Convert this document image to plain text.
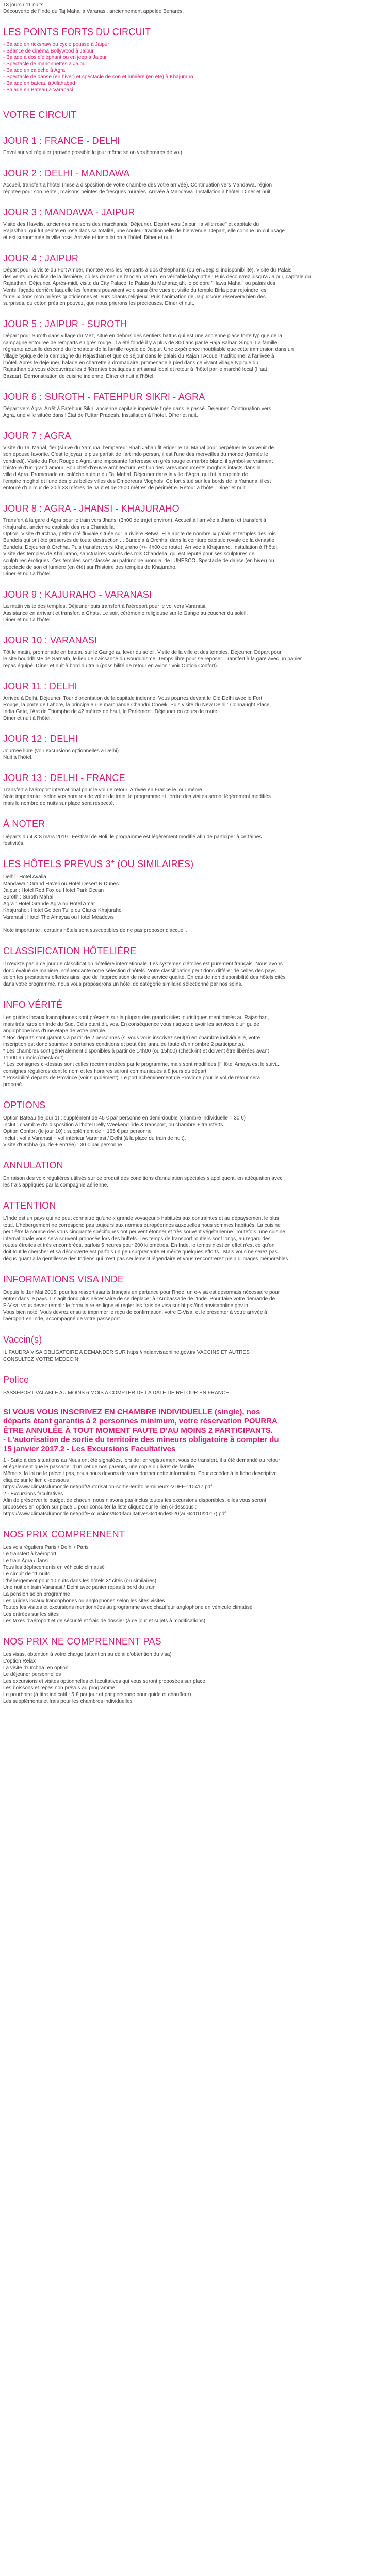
13 jours / 11 nuits.

Découverte de l'Inde du Taj Mahal à Varanasi, anciennement appelée Benarès.

LES POINTS FORTS DU CIRCUIT
- Balade en rickshaw ou cyclo pousse à Jaipur
- Séance de cinéma Bollywood à Jaipur
- Balade à dos d'éléphant ou en jeep à Jaipur
- Spectacle de marionnettes à Jaipur
- Balade en calèche à Agra
- Spectacle de danse (en hiver) et spectacle de son et lumière (en été) à Khajuraho
- Balade en bateau à Allahabad
- Balade en Bateau à Varanasi
VOTRE CIRCUIT
JOUR 1 : FRANCE - DELHI

Envol sur vol régulier (arrivée possible le jour même selon vos horaires de vol).

JOUR 2 : DELHI - MANDAWA

Accueil, transfert à l'hôtel (mise à disposition de votre chambre dès votre arrivée). Continuation vers Mandawa, région

réputée pour son héritel, maisons peintes de fresques murales. Arrivée à Mandawa. Installation à l'hôtel. Dîner et nuit.

JOUR 3 : MANDAWA - JAIPUR

Visite des Havelis, anciennes maisons des marchands. Déjeuner. Départ vers Jaipur "la ville rose" et capitale du

Rajasthan, qui fut peinte en rose dans sa totalité, une couleur traditionnelle de bienvenue. Départ, elle connue un cul usage

et est surnommée la ville rose. Arrivée et installation à l'hôtel. Dîner et nuit.

JOUR 4 : JAIPUR

Départ pour la visite du Fort Amber, montée vers les remparts à dos d'éléphants (ou en Jeep si indisponibilité). Visite du Palais

des vents un édifice de la dernière, où les dames de l'ancien harem, en véritable labyrinthe ! Puis découvrez jusqu'à Jaipur, capitale du

Rajasthan. Déjeuner. Après-midi, visite du City Palace, le Palais du Maharadjah, le célèbre "Hawa Mahal" ou palais des

Vents, façade derrière laquelle les femmes pouvaient voir, sans être vues et visite du temple Birla pour rejoindre les

fameux dons mon prières quotidiennes et leurs chants religieux. Puis l'animation de Jaipur vous réservera bien des

surprises, du coton près en pouvez, que nous prierons les précieuses. Dîner et nuit.

JOUR 5 : JAIPUR - SUROTH

Départ pour Suroth dans village du Mez, situé en dehors des sentiers battus qui est une ancienne place forte typique de la

campagne entourée de remparts en grès rouge. Il a été fondé il y a plus de 800 ans par le Raja Balban Singh. La famille

régnante actuelle descend du fondateur de la famille royale de Jaipur. Une expérience inoubliable que cette immersion dans un

village typique de la campagne du Rajasthan et que ce séjour dans le palais du Rajah ! Accueil traditionnel à l'arrivée à

l'hôtel. Après le déjeuner, balade en charrette à dromadaire, promenade à pied dans ce vivant village typique du

Rajasthan où vous découvrirez les différentes boutiques d'artisanat local et retour à l'hôtel par le marché local (Haat

Bazaar). Démonstration de cuisine indienne. Dîner et nuit à l'hôtel.

JOUR 6 : SUROTH - FATEHPUR SIKRI - AGRA

Départ vers Agra. Arrêt à Fatehpur Sikri, ancienne capitale impériale figée dans le passé. Déjeuner. Continuation vers

Agra, une ville située dans l'État de l'Uttar Pradesh. Installation à l'hôtel. Dîner et nuit.

JOUR 7 : AGRA

Visite du Taj Mahal, fier (si rive du Yamuna, l'empereur Shah Jahan fit ériger le Taj Mahal pour perpétuer le souvenir de

son épouse favorite. C'est le joyau le plus parfait de l'art indo persan, il est l'une des merveilles du monde (fermée le

vendredi). Visite du Fort Rouge d'Agra, une imposante forteresse en grès rouge et marbre blanc, il symbolise vraiment

l'histoire d'un grand amour. Son chef-d'œuvre architectural est l'un des rares monuments moghols intacts dans la

ville d'Agra. Promenade en calèche autour du Taj Mahal. Déjeuner dans la ville d'Agra, qui fut la capitale de

l'empire moghol et l'une des plus belles villes des Empereurs Moghols. Ce fort situé sur les bords de la Yamuna, il est

entouré d'un mur de 20 à 33 mètres de haut et de 2500 mètres de périmètre. Retour à l'hôtel. Dîner et nuit.

JOUR 8 : AGRA - JHANSI - KHAJURAHO

Transfert à la gare d'Agra pour le train vers Jhansi (3h00 de trajet environ). Accueil à l'arrivée à Jhansi et transfert à

Khajuraho, ancienne capitale des rois Chandella.

Option. Visite d'Orchha, petite cité fluviale située sur la rivière Betwa. Elle abrite de nombreux palais et temples des rois

Bundela qui ont été préservés de toute destruction ... Bundela à Orchha, dans la ceinture capitale royale de la dynastie

Bundela. Déjeuner à Orchha. Puis transfert vers Khajuraho (+/- 4h00 de route). Arrivée à Khajuraho. Installation à l'hôtel.

Visite des temples de Khajuraho, sanctuaires sacrés des rois Chandella, qui est réputé pour ses sculptures de

sculptures érotiques. Ces temples sont classés au patrimoine mondial de l'UNESCO. Spectacle de danse (en hiver) ou

spectacle de son et lumière (en été) sur l'histoire des temples de Khajuraho.

Dîner et nuit à l'hôtel.

JOUR 9 : KAJURAHO - VARANASI

La matin visite des temples. Déjeuner puis transfert à l'aéroport pour le vol vers Varanasi.

Assistance en arrivant et transfert à Ghats. Le soir, cérémonie religieuse sur le Gange au coucher du soleil.

Dîner et nuit à l'hôtel.

JOUR 10 : VARANASI

Tôt le matin, promenade en bateau sur le Gange au lever du soleil. Visite de la ville et des temples. Déjeuner. Départ pour

le site bouddhiste de Sarnath, le lieu de naissance du Bouddhisme. Temps libre pour se reposer. Transfert à la gare avec un panier

repas équipé. Dîner et nuit à bord du train (possibilité de retour en avion : voir Option Confort).

JOUR 11 : DELHI

Arrivée à Delhi. Déjeuner. Tour d'orientation de la capitale indienne. Vous pourrez devant le Old Delhi avec le Fort

Rouge, la porte de Lahore, la principale rue marchande Chandni Chowk. Puis visite du New Delhi : Connaught Place,

India Gate, l'Arc de Triomphe de 42 mètres de haut, le Parlement. Déjeuner en cours de route.

Dîner et nuit à l'hôtel.

JOUR 12 : DELHI

Journée libre (voir excursions optionnelles à Delhi).

Nuit à l'hôtel.

JOUR 13 : DELHI - FRANCE

Transfert à l'aéroport international pour le vol de retour. Arrivée en France le jour même.

Note importante : selon vos horaires de vol et de train, le programme et l'ordre des visites seront légèrement modifiés

mais le nombre de nuits sur place sera respecté.

À NOTER

Départs du 4 & 8 mars 2019 : Festival de Holi, le programme est légèrement modifié afin de participer à certaines

festivités.

LES HÔTELS PRÉVUS 3* (OU SIMILAIRES)

Delhi : Hotel Avalia

Mandawa : Grand Haveli ou Hotel Desert N Dunes

Jaipur : Hotel Red Fox ou Hotel Park Ocean

Suroth : Suroth Mahal

Agra : Hotel Grande Agra ou Hotel Amar

Khajuraho : Hotel Golden Tulip ou Clarks Khajuraho

Varanasi : Hotel The Amayaa ou Hotel Meadows

Note importante : certains hôtels sont susceptibles de ne pas proposer d'accueil.

CLASSIFICATION HÔTELIÈRE

Il n'existe pas à ce jour de classification hôtelière internationale. Les systèmes d'étoiles est purement français. Nous avons

donc évalué de manière indépendante notre sélection d'hôtels. Votre classification peut donc différer de celles des pays

selon les prestations offertes ainsi que de l'appréciation de notre service qualité. En cas de non disponibilité des hôtels cités

dans votre programme, nous vous proposerons un hôtel de catégorie similaire sélectionné par nos soins.

INFO VÉRITÉ

Les guides locaux francophones sont présents sur la plupart des grands sites touristiques mentionnés au Rajasthan,

mais très rares en Inde du Sud. Cela étant dit, vos. En conséquence vous risquez d'avoir les services d'un guide

anglophone lors d'une étape de votre périple.

* Nos départs sont garantis à partir de 2 personnes (si vous vous inscrivez seul(e) en chambre individuelle, votre

inscription est donc soumise à certaines conditions et peut être annulée faute d'un nombre 2 participants).

* Les chambres sont généralement disponibles à partir de 14h00 (ou 15h00) (check-in) et doivent être libérées avant

11h00 au mois (check-out).

* Les consignes ci-dessus sont celles recommandées par le programme, mais sont modifiées (l'Hôtel Amaya est le suivi...

consignes régulières dont le nom et les horaires seront communiqués à 8 jours du départ.

* Possibilité départs de Province (voir supplément). Le port acheminement de Province pour le vol de retour sera

proposé.

OPTIONS

Option Bateau (le jour 1) : supplément de 45 € par personne en demi-double (chambre individuelle = 30 €)

Inclut : chambre d'à disposition à l'hôtel Délly Weekend ride & transport, ou chambre + transferts.

Option Confort (le jour 10) : supplément de + 165 € par personne

Inclut : vol à Varanasi + vol intérieur Varanasi / Delhi (à la place du train de nuit).

Visite d'Orchha (guide + entrée) : 30 € par personne

ANNULATION

En raison des voix régulières utilisés sur ce produit des conditions d'annulation spéciales s'appliquent, en adéquation avec

les frais appliqués par la compagnie aérienne.

ATTENTION

L'Inde est un pays qui ne peut connaitre qu'une « grande voyageur » habitués aux contraintes et au dépaysement le plus

total. L'hébergement ne correspond pas toujours aux normes européennes auxquelles nous sommes habitués. La cuisine

peut être la source des vous cinquante spécifiques ont peuvent étonner et très souvent végétarienne. Toutefois, une cuisine

internationale vous sera souvent proposée lors des buffets. Les temps de transport routiers sont longs, au regard des

routes étroites et très encombrées, parfois 5 heures pour 200 kilomètres. En Inde, le temps n'est en effet n'est ce qu'on

doit tout le chercher et sa découverte est parfois un peu surprenante et mérite quelques efforts ! Mais vous ne serez pas

déçus quant à la gentillesse des Indiens qui n'est pas seulement légendaire et vous rencontrerez plein d'images mémorables !

INFORMATIONS VISA INDE

Depuis le 1er Mai 2015, pour les ressortissants français en partance pour l'Inde, un e-visa est désormais nécessaire pour

entrer dans le pays. Il s'agit donc plus nécessaire de se déplacer à l'Ambassade de l'Inde. Pour faire votre demande de

E-Visa, vous devez remplir le formulaire en ligne et régler les frais de visa sur https://indianvisaonline.gov.in.

Vous bien noté, Vous devrez ensuite imprimer le reçu de confirmation, votre E-Visa, et le présenter à votre arrivée à

l'aéroport en Inde, accompagné de votre passeport.

Vaccin(s)

IL FAUDRA VISA OBLIGATOIRE A DEMANDER SUR https://indianvisaonline.gov.in/ VACCINS ET AUTRES

CONSULTEZ VOTRE MEDECIN

Police

PASSEPORT VALABLE AU MOINS 6 MOIS A COMPTER DE LA DATE DE RETOUR EN FRANCE

SI VOUS VOUS INSCRIVEZ EN CHAMBRE INDIVIDUELLE (single), nos
départs étant garantis à 2 personnes minimum, votre réservation POURRA
ÊTRE ANNULÉE À TOUT MOMENT FAUTE D'AU MOINS 2 PARTICIPANTS.
- L'autorisation de sortie du territoire des mineurs obligatoire à compter du
15 janvier 2017.2 - Les Excursions Facultatives

1 - Suite à des situations au Nous ont été signalées, lors de l'enregistrement vous de transfert, il a été demandé au retour

et également que le passager d'un cet de nos parents, une copie du livret de famille.

Même si la loi ne le prévoit pas, nous nous devons de vous donner cette information. Pour accéder à la fiche descriptive,

cliquez sur le lien ci-dessous :

https://www.climatsdumonde.net/pdf/Autorisation-sortie-territoire-mineurs-VDEF-110417.pdf

2 - Excursions facultatives

Afin de préserver le budget de chacun, nous n'avons pas inclus toutes les excursions disponibles, elles vous seront

proposées en option sur place... pour consulter la liste cliquez sur le lien ci-dessous :

https://www.climatsdumonde.net/pdf/Excursions%20facultatives%20Inde%20(au%2010/2017).pdf

NOS PRIX COMPRENNENT

Les vols réguliers Paris / Delhi / Paris

Le transfert à l'aéroport

Le train Agra / Jansi

Tous les déplacements en véhicule climatisé

Le circuit de 11 nuits

L'hébergement pour 10 nuits dans les hôtels 3* cités (ou similaires)

Une nuit en train Varanasi / Delhi avec panier repas à bord du train

La pension selon programme

Les guides locaux francophones ou anglophones selon les sites visités

Toutes les visites et excursions mentionnées au programme avec chauffeur anglophone en véhicule climatisé

Les entrées sur les sites

Les taxes d'aéroport et de sécurité et frais de dossier (à ce jour et sujets à modifications).

NOS PRIX NE COMPRENNENT PAS

Les visas, obtention à votre charge (attention au délai d'obtention du visa)

L'option Relax

La visite d'Orchha, en option

Le déjeuner personnelles

Les excursions et visites optionnelles et facultatives qui vous seront proposées sur place

Les boissons et repas non prévus au programme

Le pourboire (à titre indicatif : 5 € par jour et par personne pour guide et chauffeur)

Les suppléments et frais pour les chambres individuelles
